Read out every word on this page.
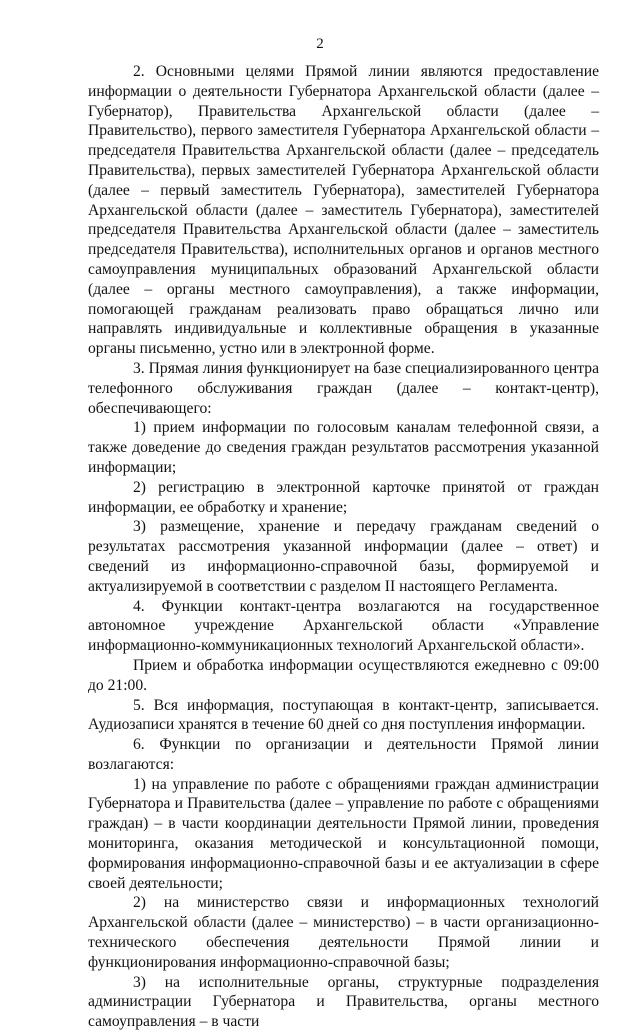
2

2. Основными целями Прямой линии являются предоставление информации о деятельности Губернатора Архангельской области (далее – Губернатор), Правительства Архангельской области (далее – Правительство), первого заместителя Губернатора Архангельской области – председателя Правительства Архангельской области (далее – председатель Правительства), первых заместителей Губернатора Архангельской области (далее – первый заместитель Губернатора), заместителей Губернатора Архангельской области (далее – заместитель Губернатора), заместителей председателя Правительства Архангельской области (далее – заместитель председателя Правительства), исполнительных органов и органов местного самоуправления муниципальных образований Архангельской области (далее – органы местного самоуправления), а также информации, помогающей гражданам реализовать право обращаться лично или направлять индивидуальные и коллективные обращения в указанные органы письменно, устно или в электронной форме.

3. Прямая линия функционирует на базе специализированного центра телефонного обслуживания граждан (далее – контакт-центр), обеспечивающего:

1) прием информации по голосовым каналам телефонной связи, а также доведение до сведения граждан результатов рассмотрения указанной информации;

2) регистрацию в электронной карточке принятой от граждан информации, ее обработку и хранение;

3) размещение, хранение и передачу гражданам сведений о результатах рассмотрения указанной информации (далее – ответ) и сведений из информационно-справочной базы, формируемой и актуализируемой в соответствии с разделом II настоящего Регламента.

4. Функции контакт-центра возлагаются на государственное автономное учреждение Архангельской области «Управление информационно-коммуникационных технологий Архангельской области».

Прием и обработка информации осуществляются ежедневно с 09:00 до 21:00.

5. Вся информация, поступающая в контакт-центр, записывается. Аудиозаписи хранятся в течение 60 дней со дня поступления информации.

6. Функции по организации и деятельности Прямой линии возлагаются:

1) на управление по работе с обращениями граждан администрации Губернатора и Правительства (далее – управление по работе с обращениями граждан) – в части координации деятельности Прямой линии, проведения мониторинга, оказания методической и консультационной помощи, формирования информационно-справочной базы и ее актуализации в сфере своей деятельности;

2) на министерство связи и информационных технологий Архангельской области (далее – министерство) – в части организационно-технического обеспечения деятельности Прямой линии и функционирования информационно-справочной базы;

3) на исполнительные органы, структурные подразделения администрации Губернатора и Правительства, органы местного самоуправления – в части
